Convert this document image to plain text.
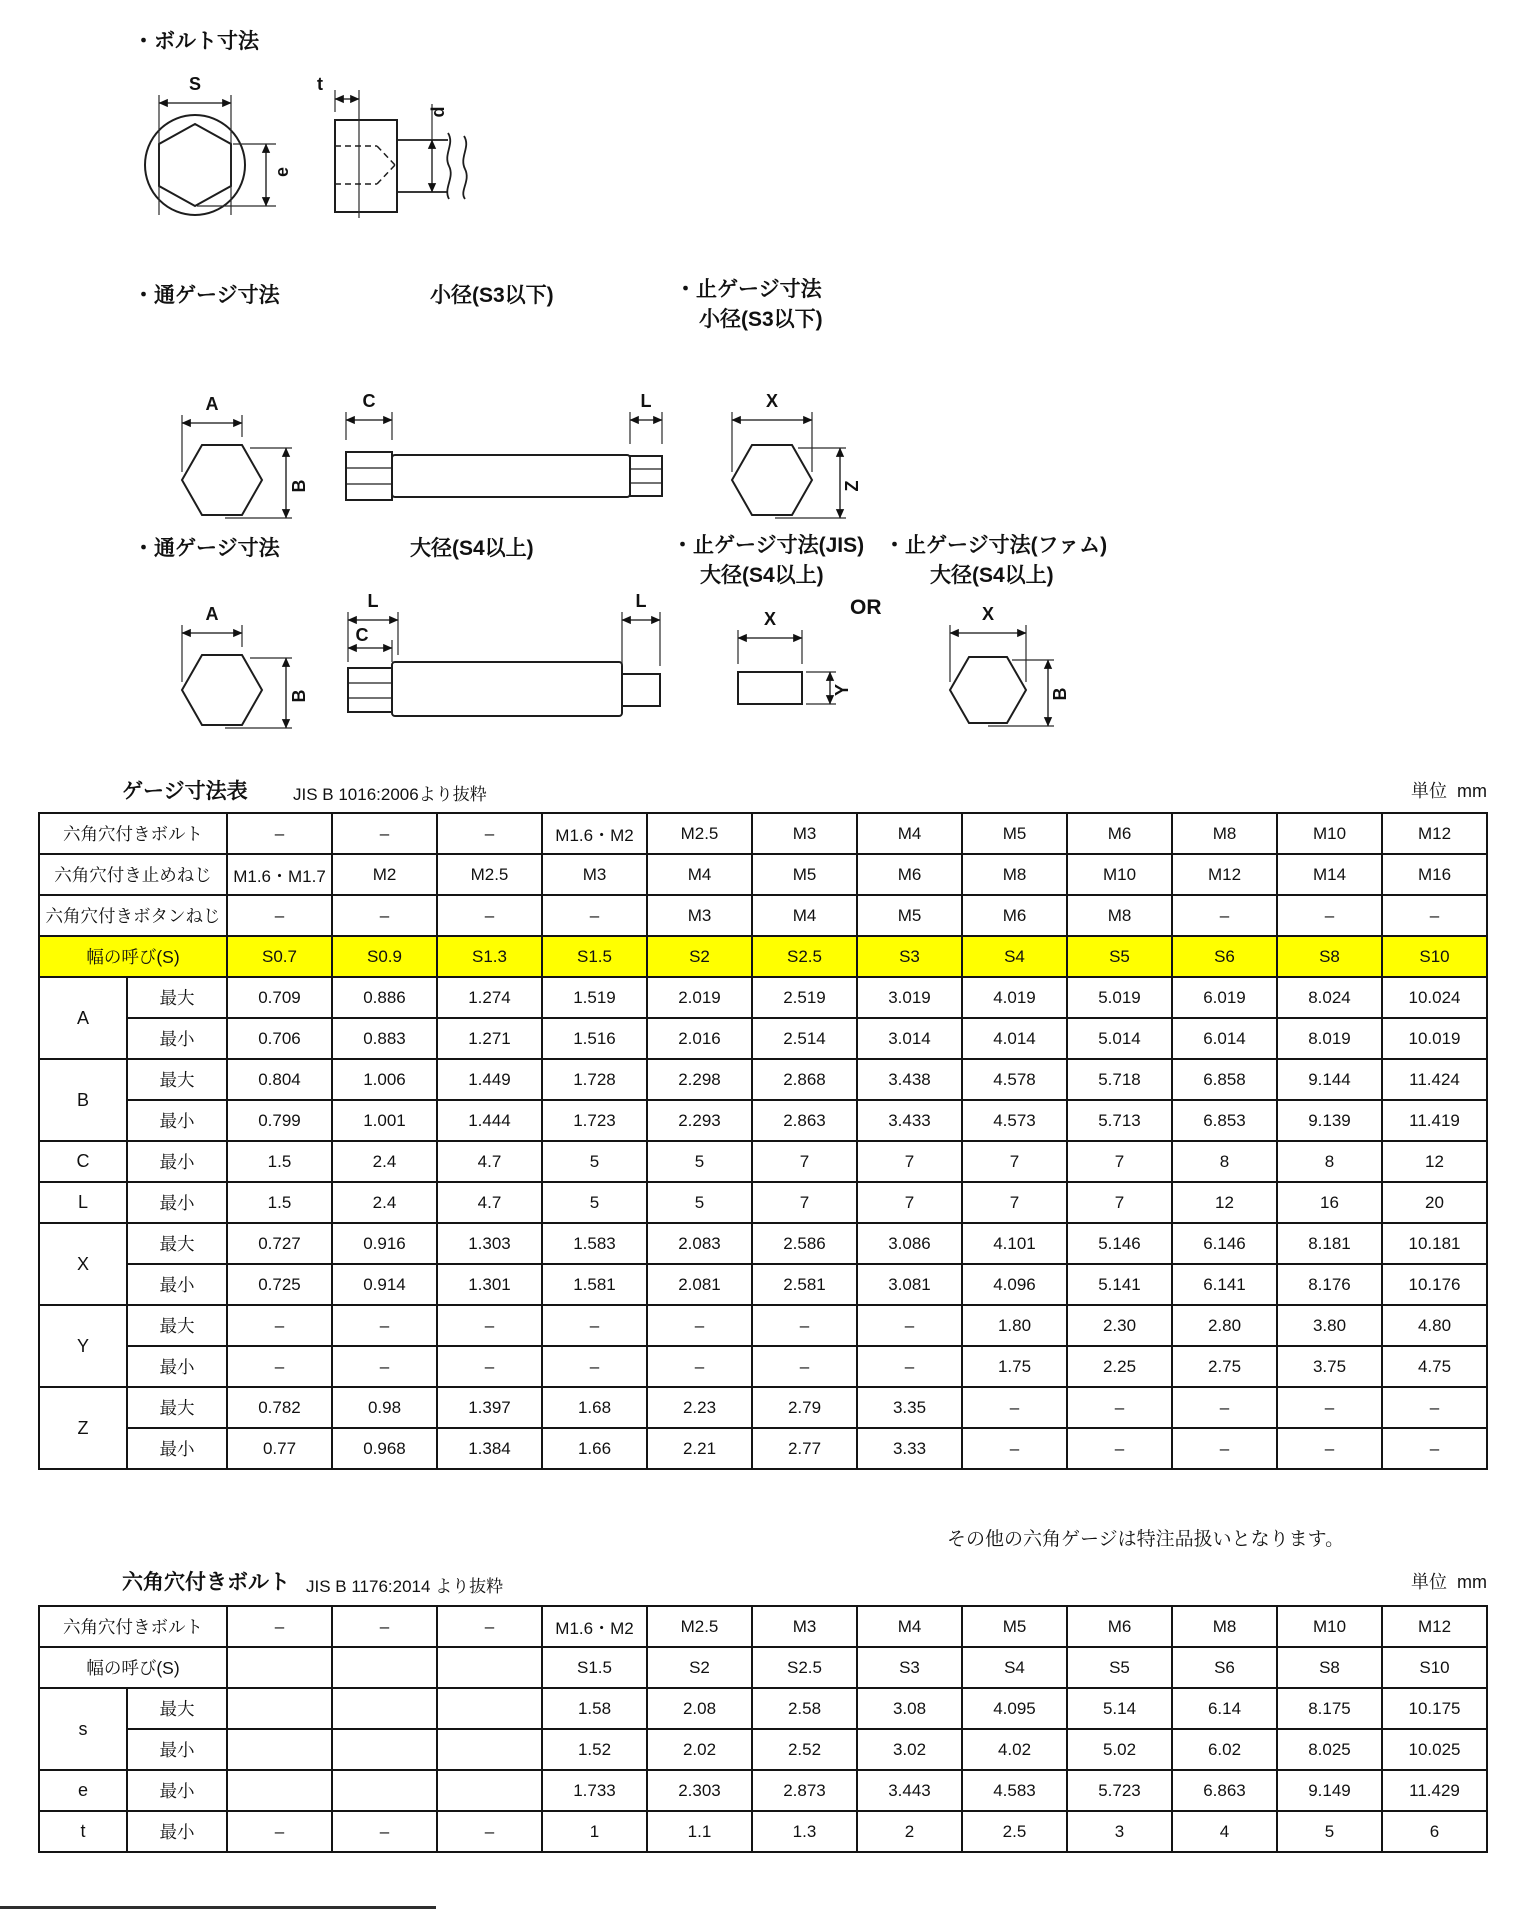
・ボルト寸法
S
e
t
d
・通ゲージ寸法	小径(S3以下)	・止ゲージ寸法
小径(S3以下)
A
B
C	L	X
Z
・通ゲージ寸法	大径(S4以上)	・止ゲージ寸法(JIS)
大径(S4以上)
OR
・止ゲージ寸法(ファム)
大径(S4以上)
A
B
L
C
L
X
Y
X
B
ゲージ寸法表	JIS B 1016:2006より抜粋	単位 mm
六角穴付きボルト		–	–	–	M1.6・M2	M2.5	M3	M4	M5	M6	M8	M10	M12
六角穴付き止めねじ		M1.6・M1.7	M2	M2.5	M3	M4	M5	M6	M8	M10	M12	M14	M16
六角穴付きボタンねじ		–	–	–	–	M3	M4	M5	M6	M8	–	–	–
幅の呼び(S)		S0.7	S0.9	S1.3	S1.5	S2	S2.5	S3	S4	S5	S6	S8	S10
A	最大	0.709	0.886	1.274	1.519	2.019	2.519	3.019	4.019	5.019	6.019	8.024	10.024
	最小	0.706	0.883	1.271	1.516	2.016	2.514	3.014	4.014	5.014	6.014	8.019	10.019
B	最大	0.804	1.006	1.449	1.728	2.298	2.868	3.438	4.578	5.718	6.858	9.144	11.424
	最小	0.799	1.001	1.444	1.723	2.293	2.863	3.433	4.573	5.713	6.853	9.139	11.419
C	最小	1.5	2.4	4.7	5	5	7	7	7	7	8	8	12
L	最小	1.5	2.4	4.7	5	5	7	7	7	7	12	16	20
X	最大	0.727	0.916	1.303	1.583	2.083	2.586	3.086	4.101	5.146	6.146	8.181	10.181
	最小	0.725	0.914	1.301	1.581	2.081	2.581	3.081	4.096	5.141	6.141	8.176	10.176
Y	最大	–	–	–	–	–	–	–	1.80	2.30	2.80	3.80	4.80
	最小	–	–	–	–	–	–	–	1.75	2.25	2.75	3.75	4.75
Z	最大	0.782	0.98	1.397	1.68	2.23	2.79	3.35	–	–	–	–	–
	最小	0.77	0.968	1.384	1.66	2.21	2.77	3.33	–	–	–	–	–
その他の六角ゲージは特注品扱いとなります。
六角穴付きボルト JIS B 1176:2014 より抜粋	単位 mm
六角穴付きボルト		–	–	–	M1.6・M2	M2.5	M3	M4	M5	M6	M8	M10	M12
幅の呼び(S)					S1.5	S2	S2.5	S3	S4	S5	S6	S8	S10
s	最大				1.58	2.08	2.58	3.08	4.095	5.14	6.14	8.175	10.175
	最小				1.52	2.02	2.52	3.02	4.02	5.02	6.02	8.025	10.025
e	最小				1.733	2.303	2.873	3.443	4.583	5.723	6.863	9.149	11.429
t	最小	–	–	–	1	1.1	1.3	2	2.5	3	4	5	6
